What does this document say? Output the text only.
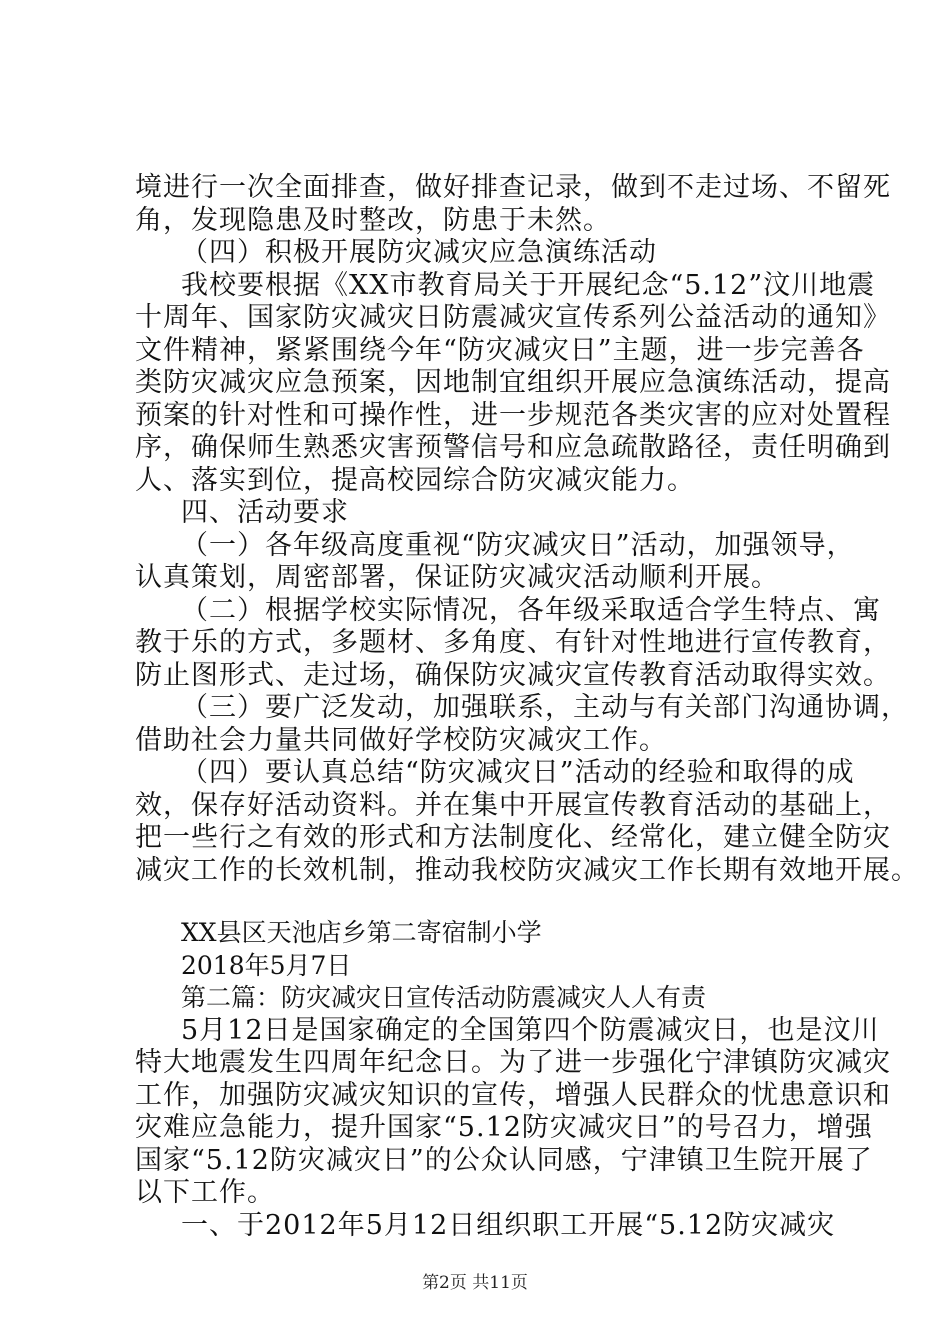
境进行一次全面排查，做好排查记录，做到不走过场、不留死
角，发现隐患及时整改，防患于未然。
（四）积极开展防灾减灾应急演练活动
我校要根据《XX市教育局关于开展纪念“5.12”汶川地震
十周年、国家防灾减灾日防震减灾宣传系列公益活动的通知》
文件精神，紧紧围绕今年“防灾减灾日”主题，进一步完善各
类防灾减灾应急预案，因地制宜组织开展应急演练活动，提高
预案的针对性和可操作性，进一步规范各类灾害的应对处置程
序，确保师生熟悉灾害预警信号和应急疏散路径，责任明确到
人、落实到位，提高校园综合防灾减灾能力。
四、活动要求
（一）各年级高度重视“防灾减灾日”活动，加强领导，
认真策划，周密部署，保证防灾减灾活动顺利开展。
（二）根据学校实际情况，各年级采取适合学生特点、寓
教于乐的方式，多题材、多角度、有针对性地进行宣传教育，
防止图形式、走过场，确保防灾减灾宣传教育活动取得实效。
（三）要广泛发动，加强联系，主动与有关部门沟通协调，
借助社会力量共同做好学校防灾减灾工作。
（四）要认真总结“防灾减灾日”活动的经验和取得的成
效，保存好活动资料。并在集中开展宣传教育活动的基础上，
把一些行之有效的形式和方法制度化、经常化，建立健全防灾
减灾工作的长效机制，推动我校防灾减灾工作长期有效地开展。
XX县区天池店乡第二寄宿制小学
2018年5月7日
第二篇：防灾减灾日宣传活动防震减灾人人有责
5月12日是国家确定的全国第四个防震减灾日，也是汶川
特大地震发生四周年纪念日。为了进一步强化宁津镇防灾减灾
工作，加强防灾减灾知识的宣传，增强人民群众的忧患意识和
灾难应急能力，提升国家“5.12防灾减灾日”的号召力，增强
国家“5.12防灾减灾日”的公众认同感，宁津镇卫生院开展了
以下工作。
一、于2012年5月12日组织职工开展“5.12防灾减灾
第2页 共11页
